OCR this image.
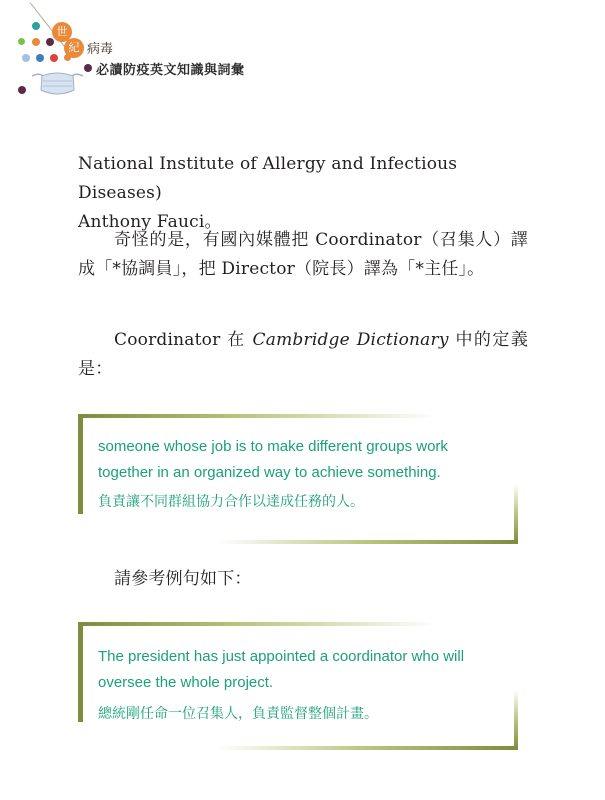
世
紀 病毒
必讀防疫英文知識與詞彙
National Institute of Allergy and Infectious Diseases)
Anthony Fauci。
奇怪的是，有國內媒體把 Coordinator（召集人）譯成「*協調員」，把 Director（院長）譯為「*主任」。
Coordinator 在 Cambridge Dictionary 中的定義是：
someone whose job is to make different groups work
together in an organized way to achieve something.
負責讓不同群組協力合作以達成任務的人。
請參考例句如下：
The president has just appointed a coordinator who will
oversee the whole project.
總統剛任命一位召集人，負責監督整個計畫。
